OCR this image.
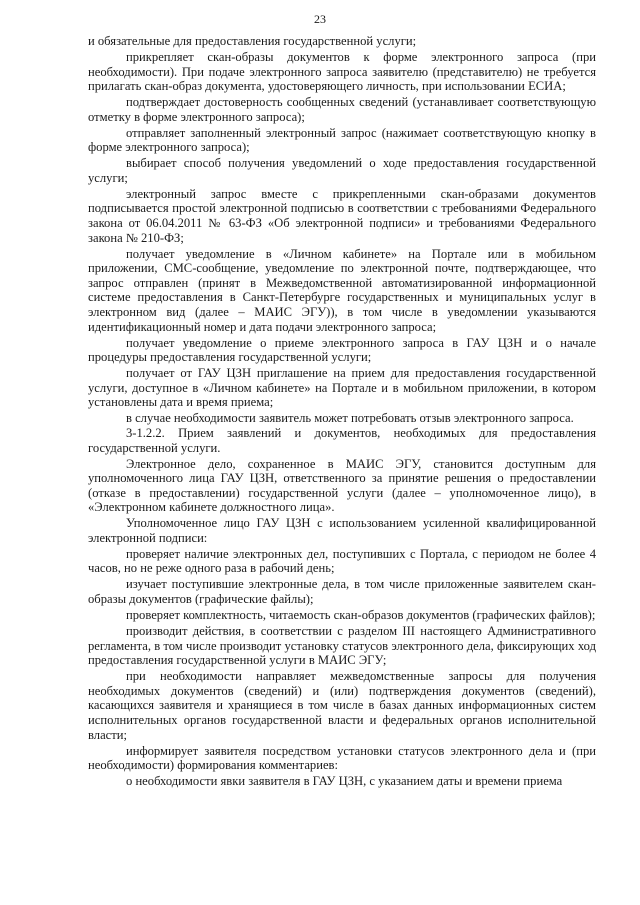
23

и обязательные для предоставления государственной услуги;

прикрепляет скан-образы документов к форме электронного запроса (при необходимости). При подаче электронного запроса заявителю (представителю) не требуется прилагать скан-образ документа, удостоверяющего личность, при использовании ЕСИА;

подтверждает достоверность сообщенных сведений (устанавливает соответствующую отметку в форме электронного запроса);

отправляет заполненный электронный запрос (нажимает соответствующую кнопку в форме электронного запроса);

выбирает способ получения уведомлений о ходе предоставления государственной услуги;

электронный запрос вместе с прикрепленными скан-образами документов подписывается простой электронной подписью в соответствии с требованиями Федерального закона от 06.04.2011 № 63-ФЗ «Об электронной подписи» и требованиями Федерального закона № 210-ФЗ;

получает уведомление в «Личном кабинете» на Портале или в мобильном приложении, СМС-сообщение, уведомление по электронной почте, подтверждающее, что запрос отправлен (принят в Межведомственной автоматизированной информационной системе предоставления в Санкт-Петербурге государственных и муниципальных услуг в электронном вид (далее – МАИС ЭГУ)), в том числе в уведомлении указываются идентификационный номер и дата подачи электронного запроса;

получает уведомление о приеме электронного запроса в ГАУ ЦЗН и о начале процедуры предоставления государственной услуги;

получает от ГАУ ЦЗН приглашение на прием для предоставления государственной услуги, доступное в «Личном кабинете» на Портале и в мобильном приложении, в котором установлены дата и время приема;

в случае необходимости заявитель может потребовать отзыв электронного запроса.

3-1.2.2. Прием заявлений и документов, необходимых для предоставления государственной услуги.

Электронное дело, сохраненное в МАИС ЭГУ, становится доступным для уполномоченного лица ГАУ ЦЗН, ответственного за принятие решения о предоставлении (отказе в предоставлении) государственной услуги (далее – уполномоченное лицо), в «Электронном кабинете должностного лица».

Уполномоченное лицо ГАУ ЦЗН с использованием усиленной квалифицированной электронной подписи:

проверяет наличие электронных дел, поступивших с Портала, с периодом не более 4 часов, но не реже одного раза в рабочий день;

изучает поступившие электронные дела, в том числе приложенные заявителем скан-образы документов (графические файлы);

проверяет комплектность, читаемость скан-образов документов (графических файлов);

производит действия, в соответствии с разделом III настоящего Административного регламента, в том числе производит установку статусов электронного дела, фиксирующих ход предоставления государственной услуги в МАИС ЭГУ;

при необходимости направляет межведомственные запросы для получения необходимых документов (сведений) и (или) подтверждения документов (сведений), касающихся заявителя и хранящиеся в том числе в базах данных информационных систем исполнительных органов государственной власти и федеральных органов исполнительной власти;

информирует заявителя посредством установки статусов электронного дела и (при необходимости) формирования комментариев:

о необходимости явки заявителя в ГАУ ЦЗН, с указанием даты и времени приема
